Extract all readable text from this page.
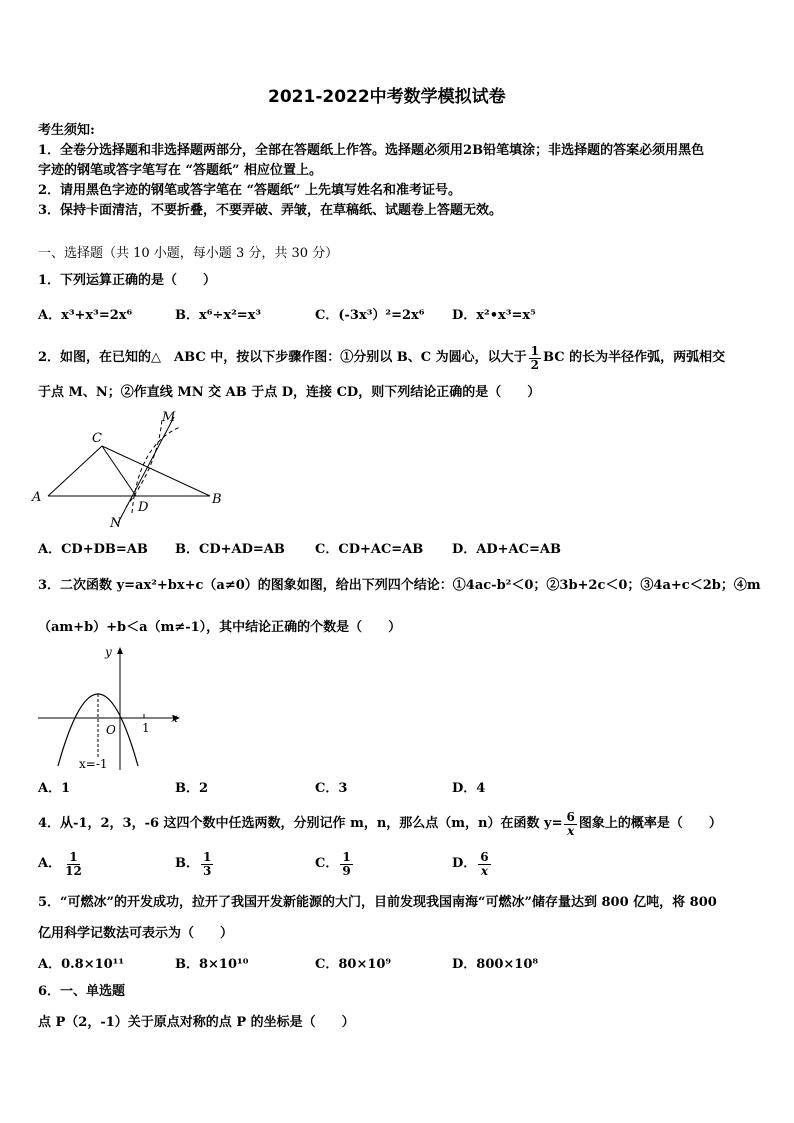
2021-2022中考数学模拟试卷
考生须知:
1．全卷分选择题和非选择题两部分，全部在答题纸上作答。选择题必须用2B铅笔填涂；非选择题的答案必须用黑色
字迹的钢笔或答字笔写在 “答题纸” 相应位置上。
2．请用黑色字迹的钢笔或答字笔在 “答题纸” 上先填写姓名和准考证号。
3．保持卡面清洁，不要折叠，不要弄破、弄皱，在草稿纸、试题卷上答题无效。
一、选择题（共 10 小题，每小题 3 分，共 30 分）
1．下列运算正确的是（　　）
A．x³+x³=2x⁶	B．x⁶÷x²=x³	C．(-3x³）²=2x⁶ D．x²•x³=x⁵
2．如图，在已知的△　ABC 中，按以下步骤作图：①分别以 B、C 为圆心，以大于 $\frac{1}{2}$ BC 的长为半径作弧，两弧相交
于点 M、N；②作直线 MN 交 AB 于点 D，连接 CD，则下列结论正确的是（　　）
A	B
C
D
M
N
A．CD+DB=AB B．CD+AD=AB C．CD+AC=AB D．AD+AC=AB
3．二次函数 y=ax²+bx+c（a≠0）的图象如图，给出下列四个结论：①4ac-b²＜0；②3b+2c＜0；③4a+c＜2b；④m
（am+b）+b＜a（m≠-1），其中结论正确的个数是（　　）
y
x
O 1
x=-1
A．1	B．2	C．3	D．4
4．从-1，2，3，-6 这四个数中任选两数，分别记作 m，n，那么点（m，n）在函数 $y= \frac{6}{x}$ 图象上的概率是（　　）
A． $\frac{1}{12}$	B． $\frac{1}{3}$	C． $\frac{1}{9}$	D． $\frac{6}{x}$
5．“可燃冰”的开发成功，拉开了我国开发新能源的大门，目前发现我国南海“可燃冰”储存量达到 800 亿吨，将 800
亿用科学记数法可表示为（　　）
A．0.8×10¹¹	B．8×10¹⁰	C．80×10⁹	D．800×10⁸
6．一、单选题
点 P（2，-1）关于原点对称的点 P 的坐标是（　　）
